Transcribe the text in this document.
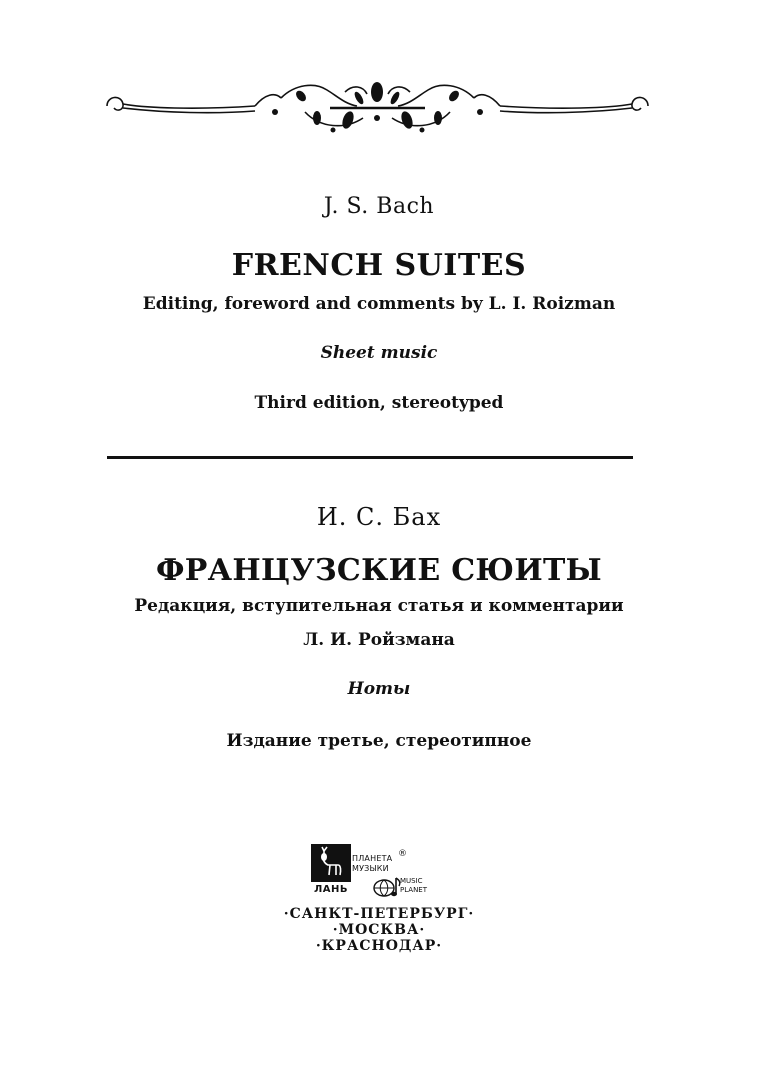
J. S. Bach
FRENCH SUITES
Editing, foreword and comments by L. I. Roizman
Sheet music
Third edition, stereotyped
И. С. Бах
ФРАНЦУЗСКИЕ СЮИТЫ
Редакция, вступительная статья и комментарии
Л. И. Ройзмана
Ноты
Издание третье, стереотипное
ЛАНЬ
ПЛАНЕТА
МУЗЫКИ
®
MUSIC
PLANET
·САНКТ-ПЕТЕРБУРГ·
·МОСКВА·
·КРАСНОДАР·
